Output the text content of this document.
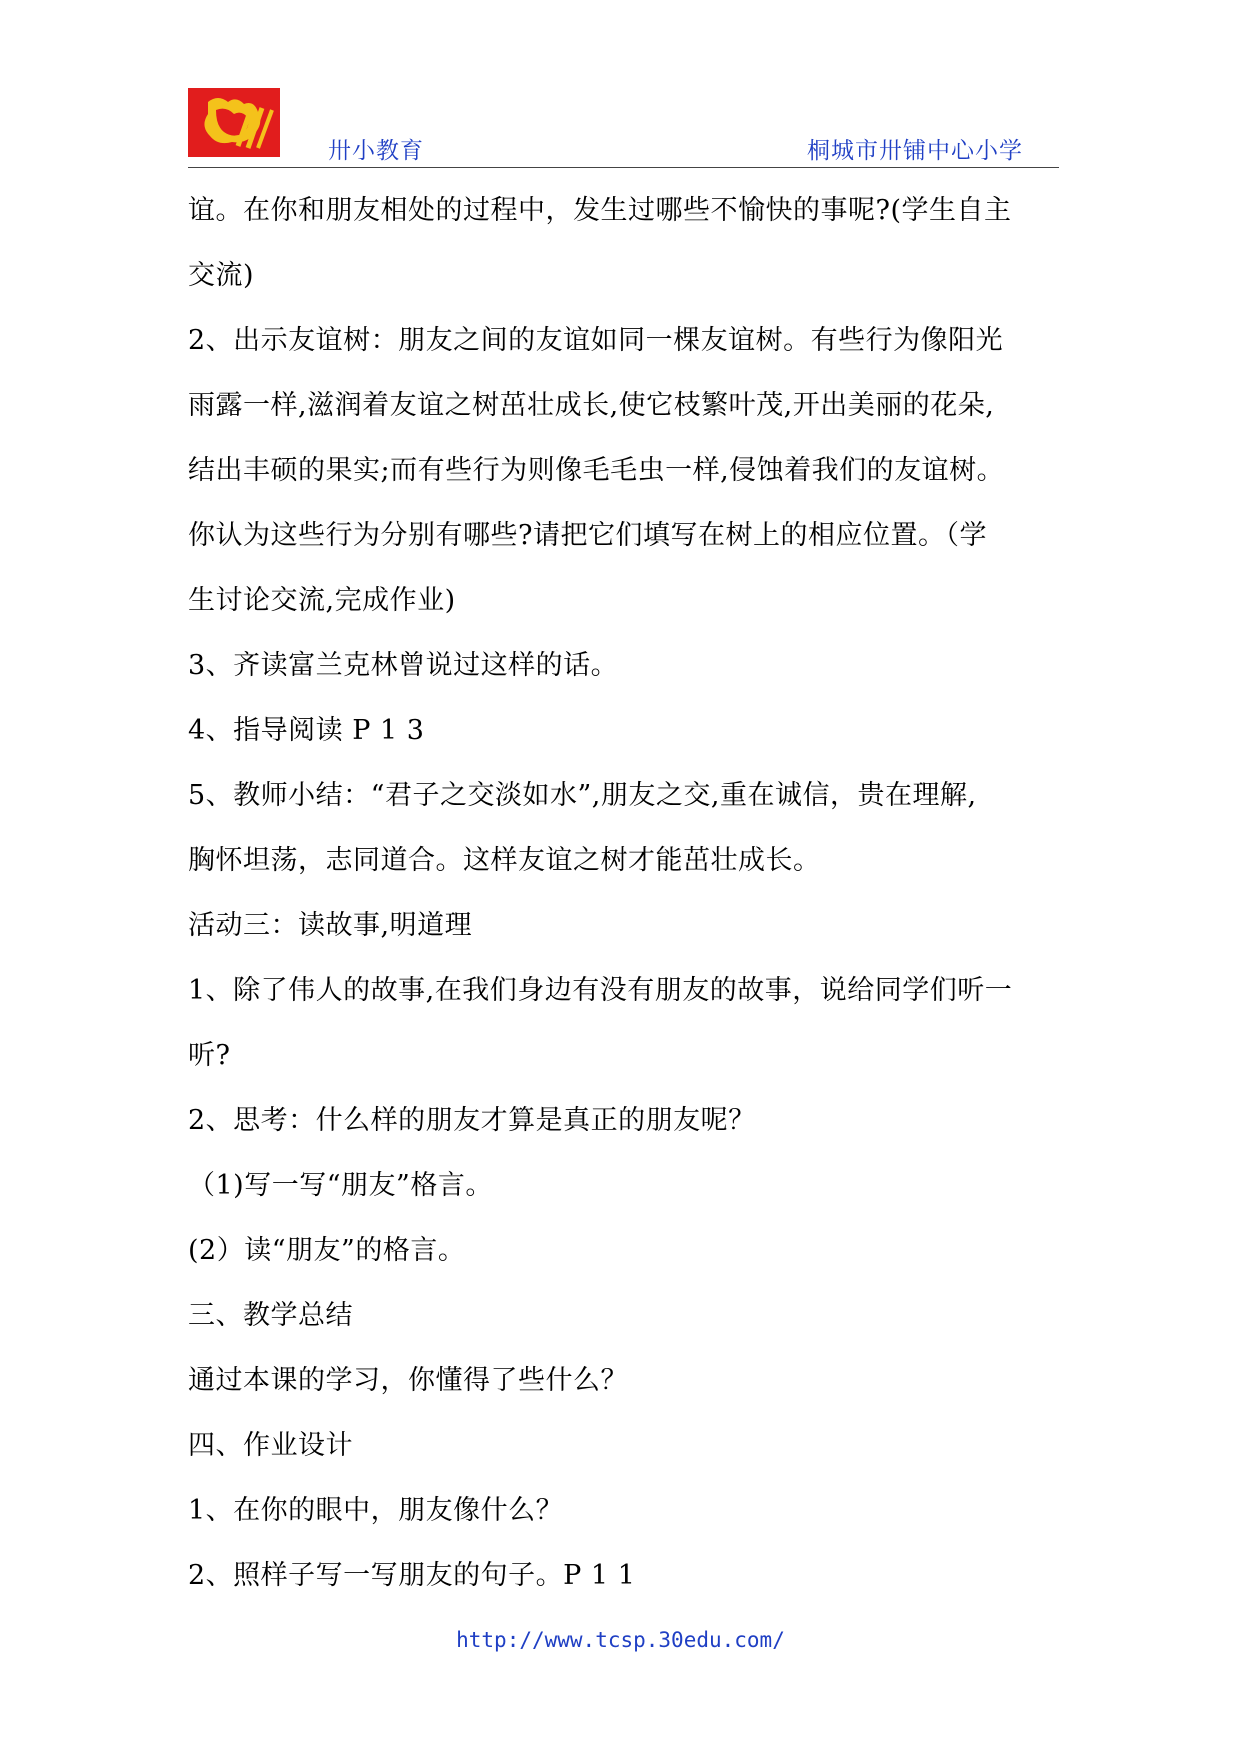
卅小教育	桐城市卅铺中心小学
谊。在你和朋友相处的过程中，发生过哪些不愉快的事呢?(学生自主
交流)
2、出示友谊树：朋友之间的友谊如同一棵友谊树。有些行为像阳光
雨露一样,滋润着友谊之树茁壮成长,使它枝繁叶茂,开出美丽的花朵,
结出丰硕的果实;而有些行为则像毛毛虫一样,侵蚀着我们的友谊树。
你认为这些行为分别有哪些?请把它们填写在树上的相应位置。（学
生讨论交流,完成作业)
3、齐读富兰克林曾说过这样的话。
4、指导阅读 P 1 3
5、教师小结：“君子之交淡如水”,朋友之交,重在诚信，贵在理解,
胸怀坦荡，志同道合。这样友谊之树才能茁壮成长。
活动三：读故事,明道理
1、除了伟人的故事,在我们身边有没有朋友的故事，说给同学们听一
听?
2、思考：什么样的朋友才算是真正的朋友呢？
（1)写一写“朋友”格言。
(2）读“朋友”的格言。
三、教学总结
通过本课的学习，你懂得了些什么？
四、作业设计
1、在你的眼中，朋友像什么？
2、照样子写一写朋友的句子。P 1 1
http://www.tcsp.30edu.com/
